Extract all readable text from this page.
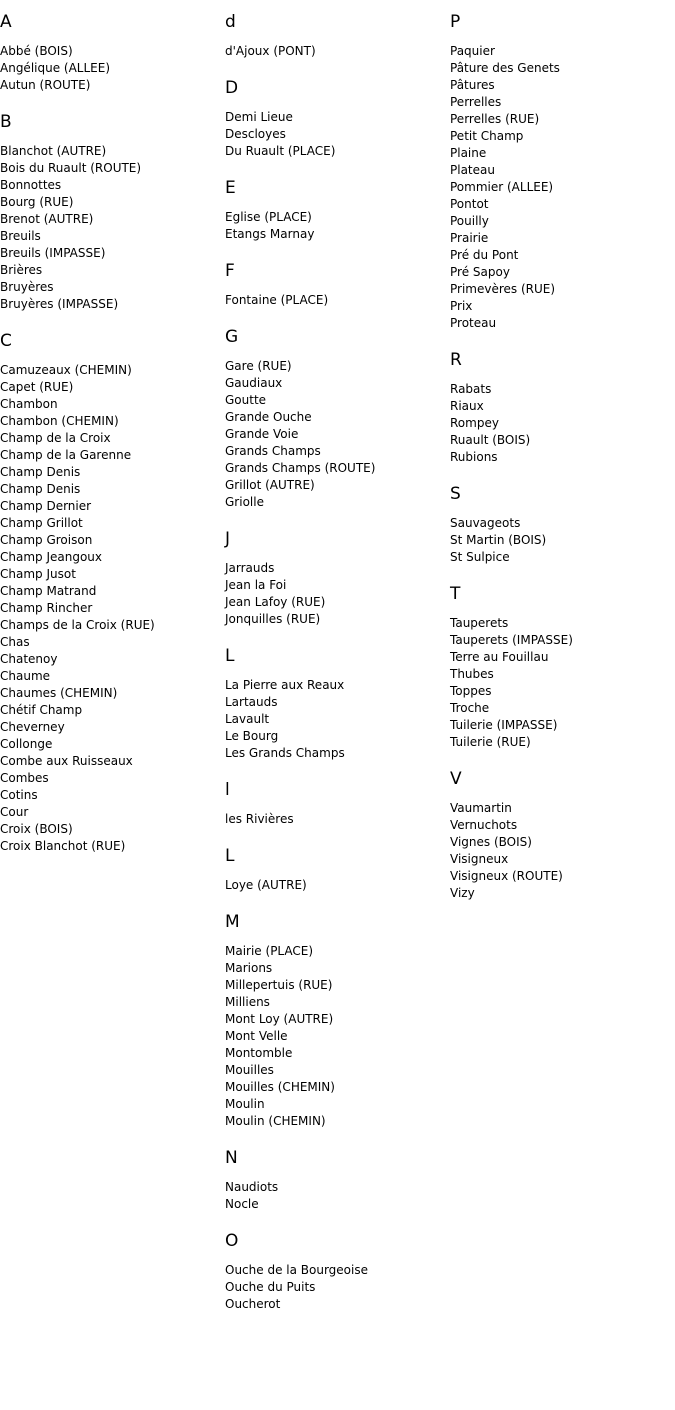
A
Abbé (BOIS)
Angélique (ALLEE)
Autun (ROUTE)
B
Blanchot (AUTRE)
Bois du Ruault (ROUTE)
Bonnottes
Bourg (RUE)
Brenot (AUTRE)
Breuils
Breuils (IMPASSE)
Brières
Bruyères
Bruyères (IMPASSE)
C
Camuzeaux (CHEMIN)
Capet (RUE)
Chambon
Chambon (CHEMIN)
Champ de la Croix
Champ de la Garenne
Champ Denis
Champ Denis
Champ Dernier
Champ Grillot
Champ Groison
Champ Jeangoux
Champ Jusot
Champ Matrand
Champ Rincher
Champs de la Croix (RUE)
Chas
Chatenoy
Chaume
Chaumes (CHEMIN)
Chétif Champ
Cheverney
Collonge
Combe aux Ruisseaux
Combes
Cotins
Cour
Croix (BOIS)
Croix Blanchot (RUE)
d
d'Ajoux (PONT)
D
Demi Lieue
Descloyes
Du Ruault (PLACE)
E
Eglise (PLACE)
Etangs Marnay
F
Fontaine (PLACE)
G
Gare (RUE)
Gaudiaux
Goutte
Grande Ouche
Grande Voie
Grands Champs
Grands Champs (ROUTE)
Grillot (AUTRE)
Griolle
J
Jarrauds
Jean la Foi
Jean Lafoy (RUE)
Jonquilles (RUE)
L
La Pierre aux Reaux
Lartauds
Lavault
Le Bourg
Les Grands Champs
l
les Rivières
L
Loye (AUTRE)
M
Mairie (PLACE)
Marions
Millepertuis (RUE)
Milliens
Mont Loy (AUTRE)
Mont Velle
Montomble
Mouilles
Mouilles (CHEMIN)
Moulin
Moulin (CHEMIN)
N
Naudiots
Nocle
O
Ouche de la Bourgeoise
Ouche du Puits
Oucherot
P
Paquier
Pâture des Genets
Pâtures
Perrelles
Perrelles (RUE)
Petit Champ
Plaine
Plateau
Pommier (ALLEE)
Pontot
Pouilly
Prairie
Pré du Pont
Pré Sapoy
Primevères (RUE)
Prix
Proteau
R
Rabats
Riaux
Rompey
Ruault (BOIS)
Rubions
S
Sauvageots
St Martin (BOIS)
St Sulpice
T
Tauperets
Tauperets (IMPASSE)
Terre au Fouillau
Thubes
Toppes
Troche
Tuilerie (IMPASSE)
Tuilerie (RUE)
V
Vaumartin
Vernuchots
Vignes (BOIS)
Visigneux
Visigneux (ROUTE)
Vizy
